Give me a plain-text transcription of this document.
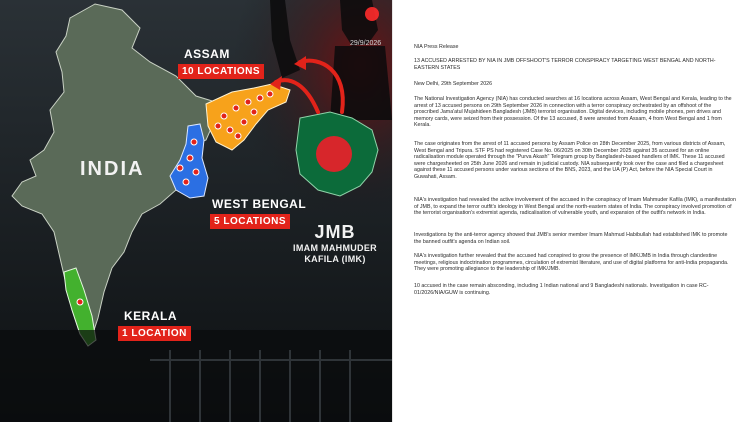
29/9/2026
ASSAM
10 LOCATIONS
INDIA
WEST BENGAL
5 LOCATIONS
KERALA
1 LOCATION
JMB
IMAM MAHMUDER
KAFILA (IMK)

NIA Press Release

13 ACCUSED ARRESTED BY NIA IN JMB OFFSHOOT'S TERROR CONSPIRACY TARGETING WEST BENGAL AND NORTH-EASTERN STATES

New Delhi, 29th September 2026

The National Investigation Agency (NIA) has conducted searches at 16 locations across Assam, West Bengal and Kerala, leading to the arrest of 13 accused persons on 29th September 2026 in connection with a terror conspiracy orchestrated by an offshoot of the proscribed Jama'atul Mujahideen Bangladesh (JMB) terrorist organisation. Digital devices, including mobile phones, pen drives and memory cards, were seized from their possession. Of the 13 accused, 8 were arrested from Assam, 4 from West Bengal and 1 from Kerala.

The case originates from the arrest of 11 accused persons by Assam Police on 28th December 2025, from various districts of Assam, West Bengal and Tripura. STF PS had registered Case No. 06/2025 on 30th December 2025 against 35 accused for an online radicalisation module operated through the "Purva Akash" Telegram group by Bangladesh-based handlers of IMK. These 11 accused were chargesheeted on 25th June 2026 and remain in judicial custody. NIA subsequently took over the case and filed a chargesheet against these 11 accused persons under various sections of the BNS, 2023, and the UA (P) Act, before the NIA Special Court in Guwahati, Assam.

NIA's investigation had revealed the active involvement of the accused in the conspiracy of Imam Mahmuder Kafila (IMK), a manifestation of JMB, to expand the terror outfit's ideology in West Bengal and the north-eastern states of India. The conspiracy involved promotion of the terrorist organisation's extremist agenda, radicalisation of vulnerable youth, and expansion of the outfit's network in India.

Investigations by the anti-terror agency showed that JMB's senior member Imam Mahmud Habibullah had established IMK to promote the banned outfit's agenda on Indian soil.

NIA's investigation further revealed that the accused had conspired to grow the presence of IMK/JMB in India through clandestine meetings, religious indoctrination programmes, circulation of extremist literature, and use of digital platforms for anti-India propaganda. They were promoting allegiance to the leadership of IMK/JMB.

10 accused in the case remain absconding, including 1 Indian national and 9 Bangladeshi nationals. Investigation in case RC-01/2026/NIA/GUW is continuing.
